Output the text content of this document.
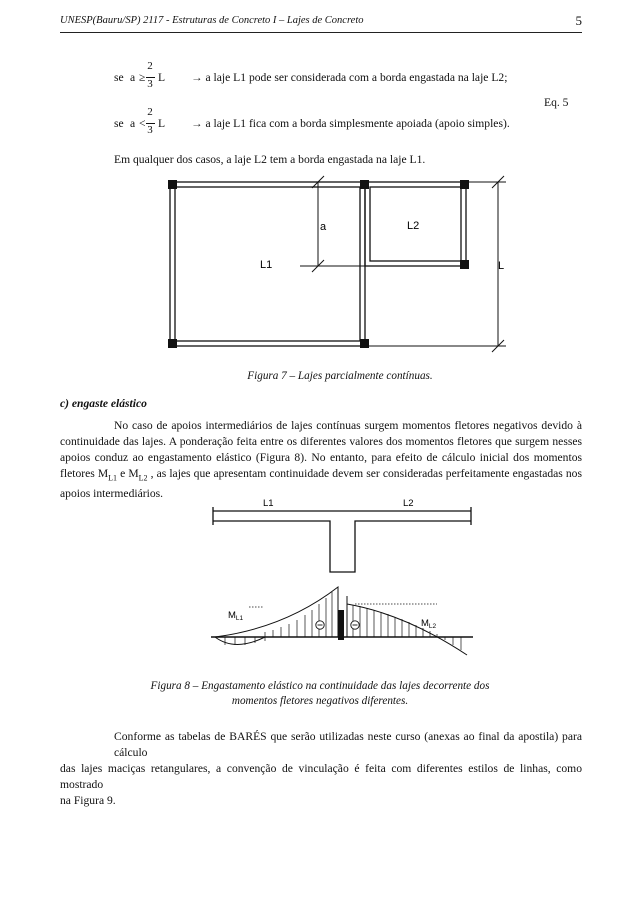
UNESP(Bauru/SP) 2117 - Estruturas de Concreto I – Lajes de Concreto	5
se a ≥
2
3 L → a laje L1 pode ser considerada com a borda engastada na laje L2;
Eq. 5
se a <
2
3 L → a laje L1 fica com a borda simplesmente apoiada (apoio simples).
Em qualquer dos casos, a laje L2 tem a borda engastada na laje L1.
a	L2
L1	L
Figura 7 – Lajes parcialmente contínuas.
c) engaste elástico
No caso de apoios intermediários de lajes contínuas surgem momentos fletores negativos devido à
continuidade das lajes. A ponderação feita entre os diferentes valores dos momentos fletores que surgem nesses
apoios conduz ao engastamento elástico (Figura 8). No entanto, para efeito de cálculo inicial dos momentos
fletores $M_{L1}$ e $M_{L2}$ , as lajes que apresentam continuidade devem ser consideradas perfeitamente engastadas nos
apoios intermediários.
L1	L2
$M_{L1}$	$M_{L2}$
Figura 8 – Engastamento elástico na continuidade das lajes decorrente dos
momentos fletores negativos diferentes.
Conforme as tabelas de BARÉS que serão utilizadas neste curso (anexas ao final da apostila) para cálculo
das lajes maciças retangulares, a convenção de vinculação é feita com diferentes estilos de linhas, como mostrado
na Figura 9.
